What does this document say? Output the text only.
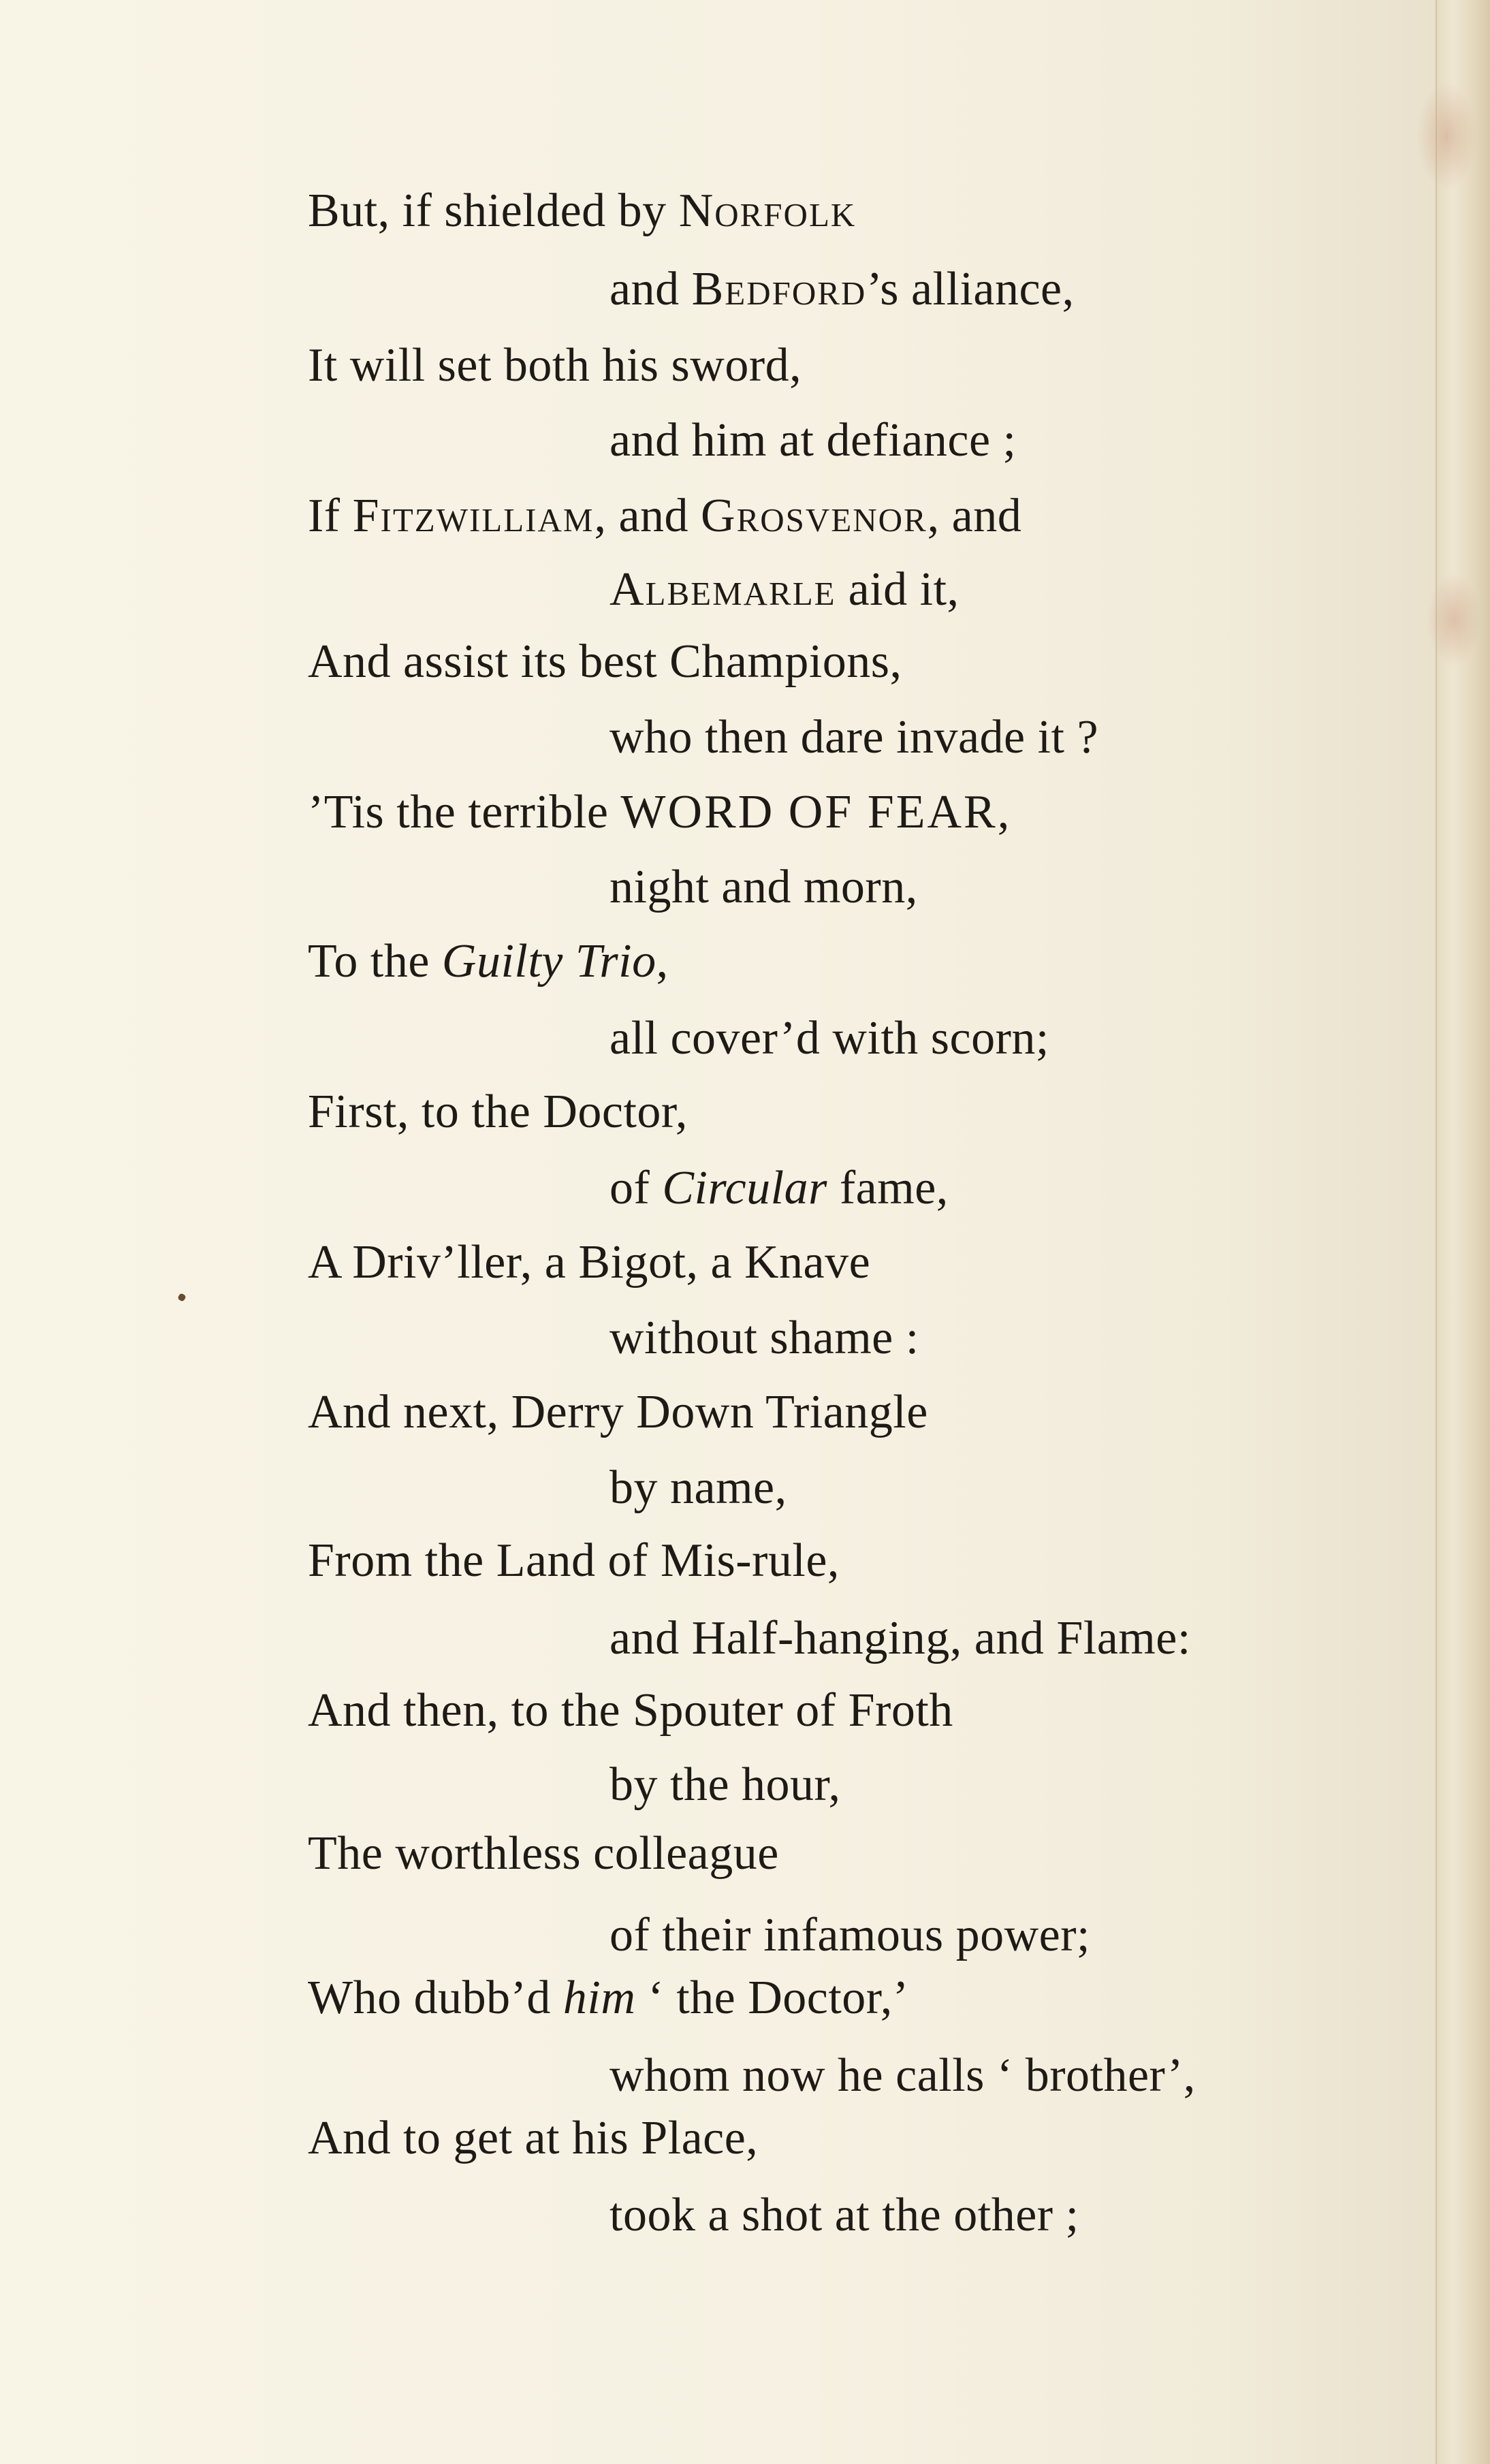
But, if shielded by Norfolk
and Bedford’s alliance,
It will set both his sword,
and him at defiance ;
If Fitzwilliam, and Grosvenor, and
Albemarle aid it,
And assist its best Champions,
who then dare invade it ?
’Tis the terrible WORD OF FEAR,
night and morn,
To the Guilty Trio,
all cover’d with scorn;
First, to the Doctor,
of Circular fame,
A Driv’ller, a Bigot, a Knave
without shame :
And next, Derry Down Triangle
by name,
From the Land of Mis-rule,
and Half-hanging, and Flame:
And then, to the Spouter of Froth
by the hour,
The worthless colleague
of their infamous power;
Who dubb’d him ‘ the Doctor,’
whom now he calls ‘ brother’,
And to get at his Place,
took a shot at the other ;
